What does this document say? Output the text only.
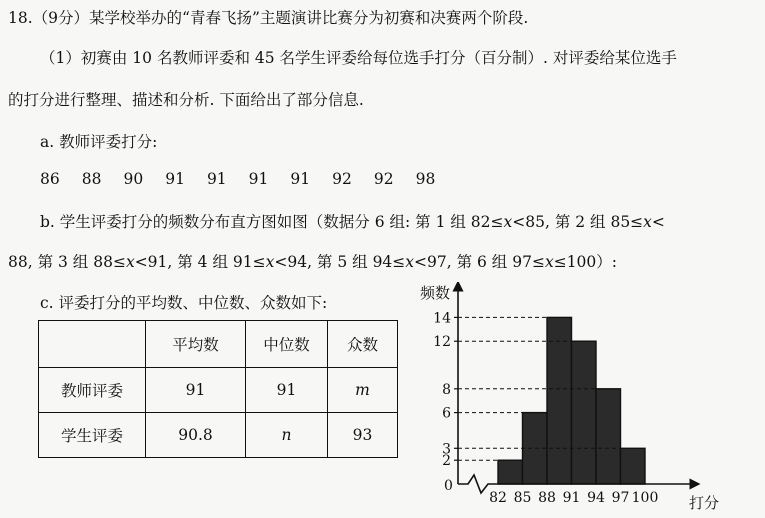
18.（9分）某学校举办的“青春飞扬”主题演讲比赛分为初赛和决赛两个阶段.
（1）初赛由 10 名教师评委和 45 名学生评委给每位选手打分（百分制）. 对评委给某位选手
的打分进行整理、描述和分析. 下面给出了部分信息.
a. 教师评委打分:
86 88 90 91 91 91 91 92 92 98
b. 学生评委打分的频数分布直方图如图（数据分 6 组: 第 1 组 82≤x<85, 第 2 组 85≤x<
88, 第 3 组 88≤x<91, 第 4 组 91≤x<94, 第 5 组 94≤x<97, 第 6 组 97≤x≤100）:
c. 评委打分的平均数、中位数、众数如下:
	平均数	中位数	众数
教师评委	91	91	m
学生评委	90.8	n	93
2
3
6
8
12
14
82 85 88 91 94 97 100
频数
打分
0
